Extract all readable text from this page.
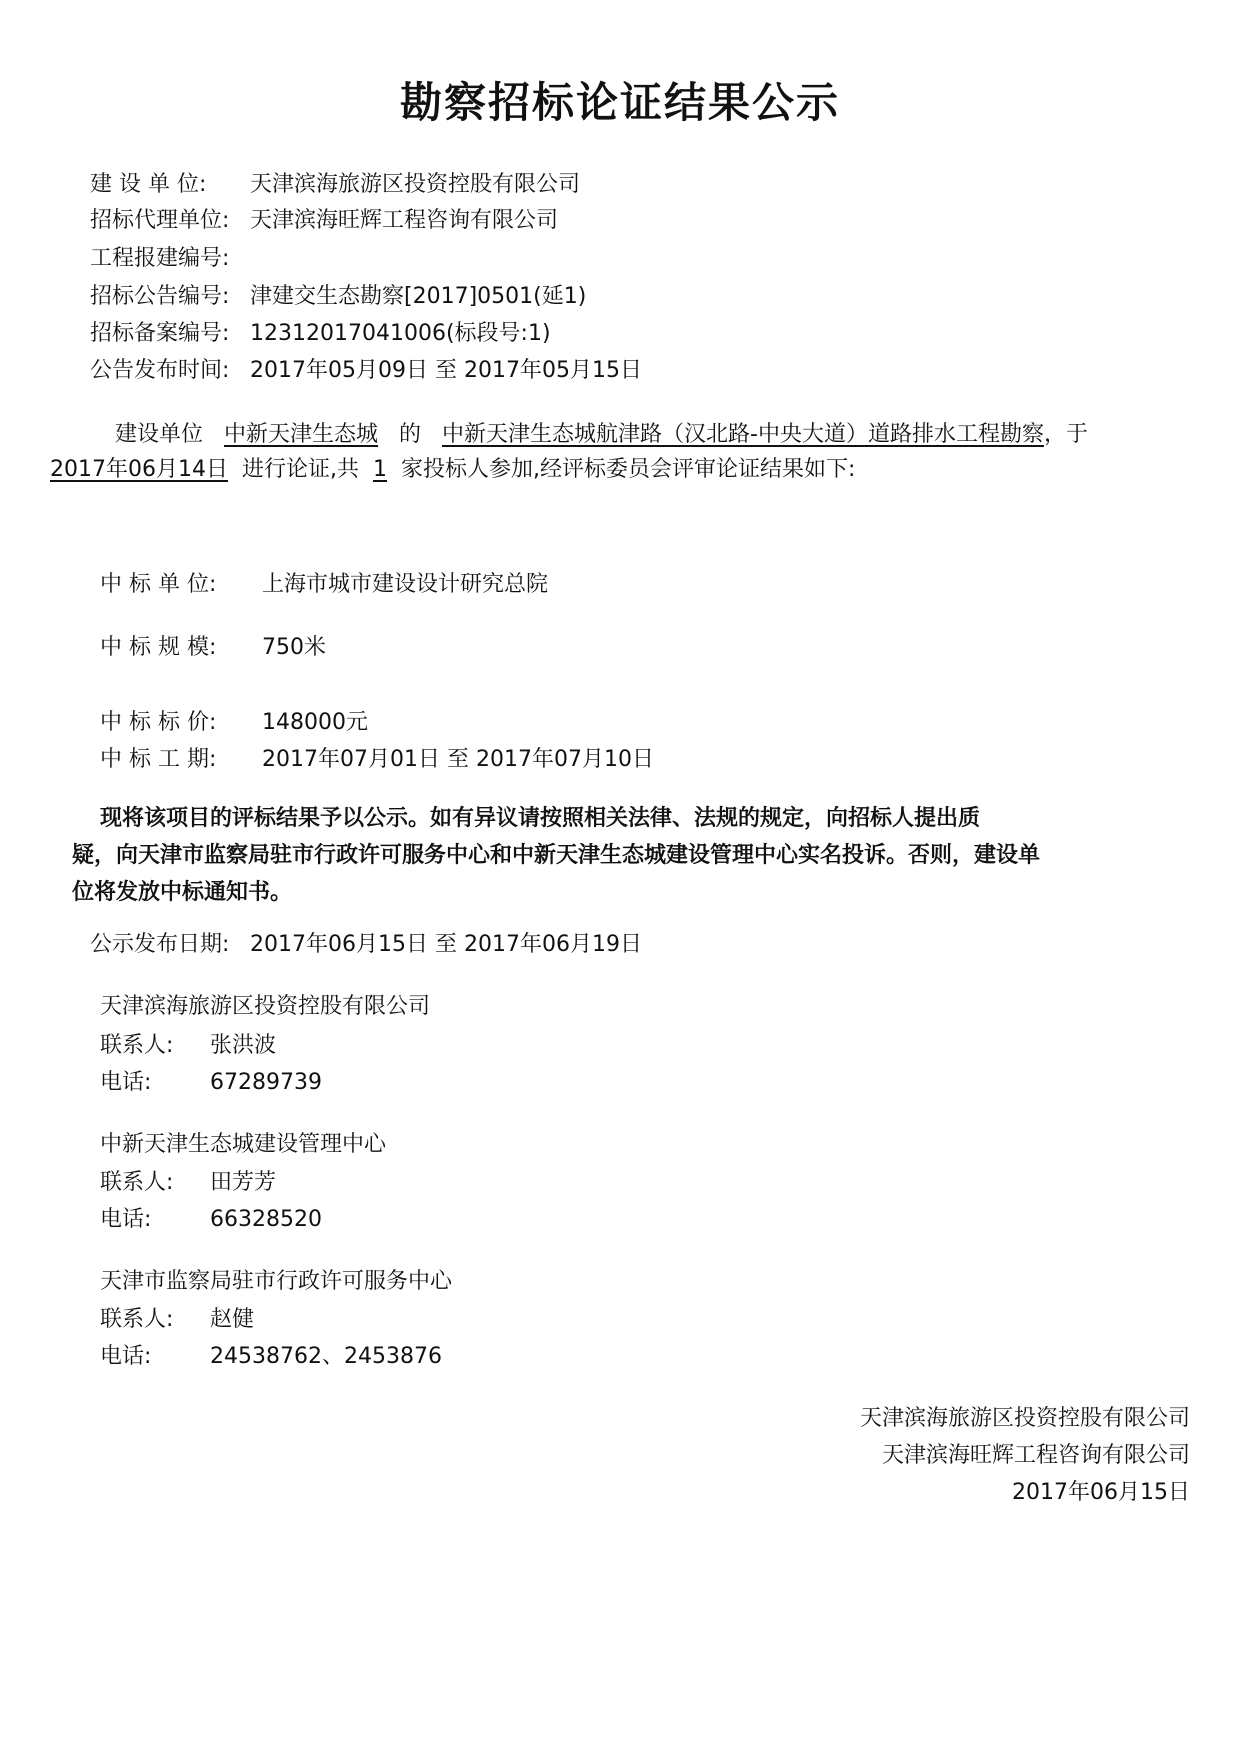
勘察招标论证结果公示
建 设 单 位:	天津滨海旅游区投资控股有限公司
招标代理单位: 天津滨海旺辉工程咨询有限公司
工程报建编号:
招标公告编号: 津建交生态勘察[2017]0501(延1)
招标备案编号: 12312017041006(标段号:1)
公告发布时间: 2017年05月09日 至 2017年05月15日
建设单位 中新天津生态城 的 中新天津生态城航津路（汉北路-中央大道）道路排水工程勘察，于
2017年06月14日 进行论证,共 1 家投标人参加,经评标委员会评审论证结果如下:
中 标 单 位:	上海市城市建设设计研究总院
中 标 规 模:	750米
中 标 标 价:	148000元
中 标 工 期:	2017年07月01日 至 2017年07月10日
现将该项目的评标结果予以公示。如有异议请按照相关法律、法规的规定，向招标人提出质
疑，向天津市监察局驻市行政许可服务中心和中新天津生态城建设管理中心实名投诉。否则，建设单
位将发放中标通知书。
公示发布日期: 2017年06月15日 至 2017年06月19日
天津滨海旅游区投资控股有限公司
联系人:	张洪波
电话:	67289739
中新天津生态城建设管理中心
联系人:	田芳芳
电话:	66328520
天津市监察局驻市行政许可服务中心
联系人:	赵健
电话:	24538762、2453876
天津滨海旅游区投资控股有限公司
天津滨海旺辉工程咨询有限公司
2017年06月15日
